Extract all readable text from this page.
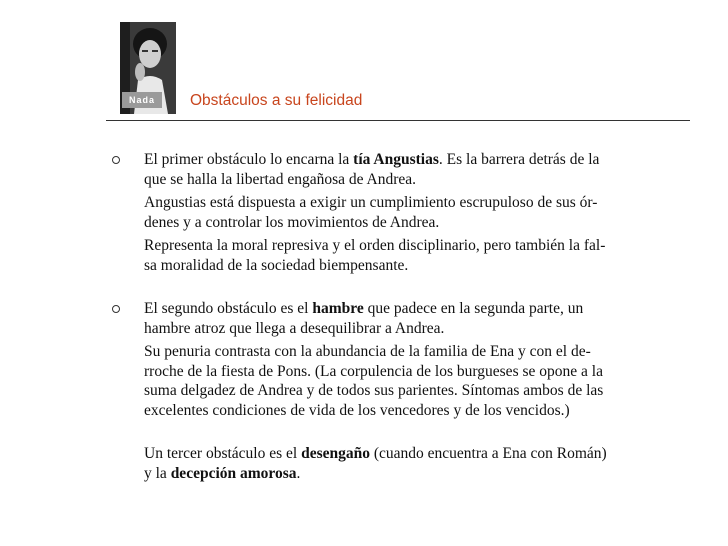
Nada	Obstáculos a su felicidad

El primer obstáculo lo encarna la tía Angustias. Es la barrera detrás de la
que se halla la libertad engañosa de Andrea.

Angustias está dispuesta a exigir un cumplimiento escrupuloso de sus ór-
denes y a controlar los movimientos de Andrea.

Representa la moral represiva y el orden disciplinario, pero también la fal-
sa moralidad de la sociedad biempensante.

El segundo obstáculo es el hambre que padece en la segunda parte, un
hambre atroz que llega a desequilibrar a Andrea.

Su penuria contrasta con la abundancia de la familia de Ena y con el de-
rroche de la fiesta de Pons. (La corpulencia de los burgueses se opone a la
suma delgadez de Andrea y de todos sus parientes. Síntomas ambos de las
excelentes condiciones de vida de los vencedores y de los vencidos.)

Un tercer obstáculo es el desengaño (cuando encuentra a Ena con Román)
y la decepción amorosa.
